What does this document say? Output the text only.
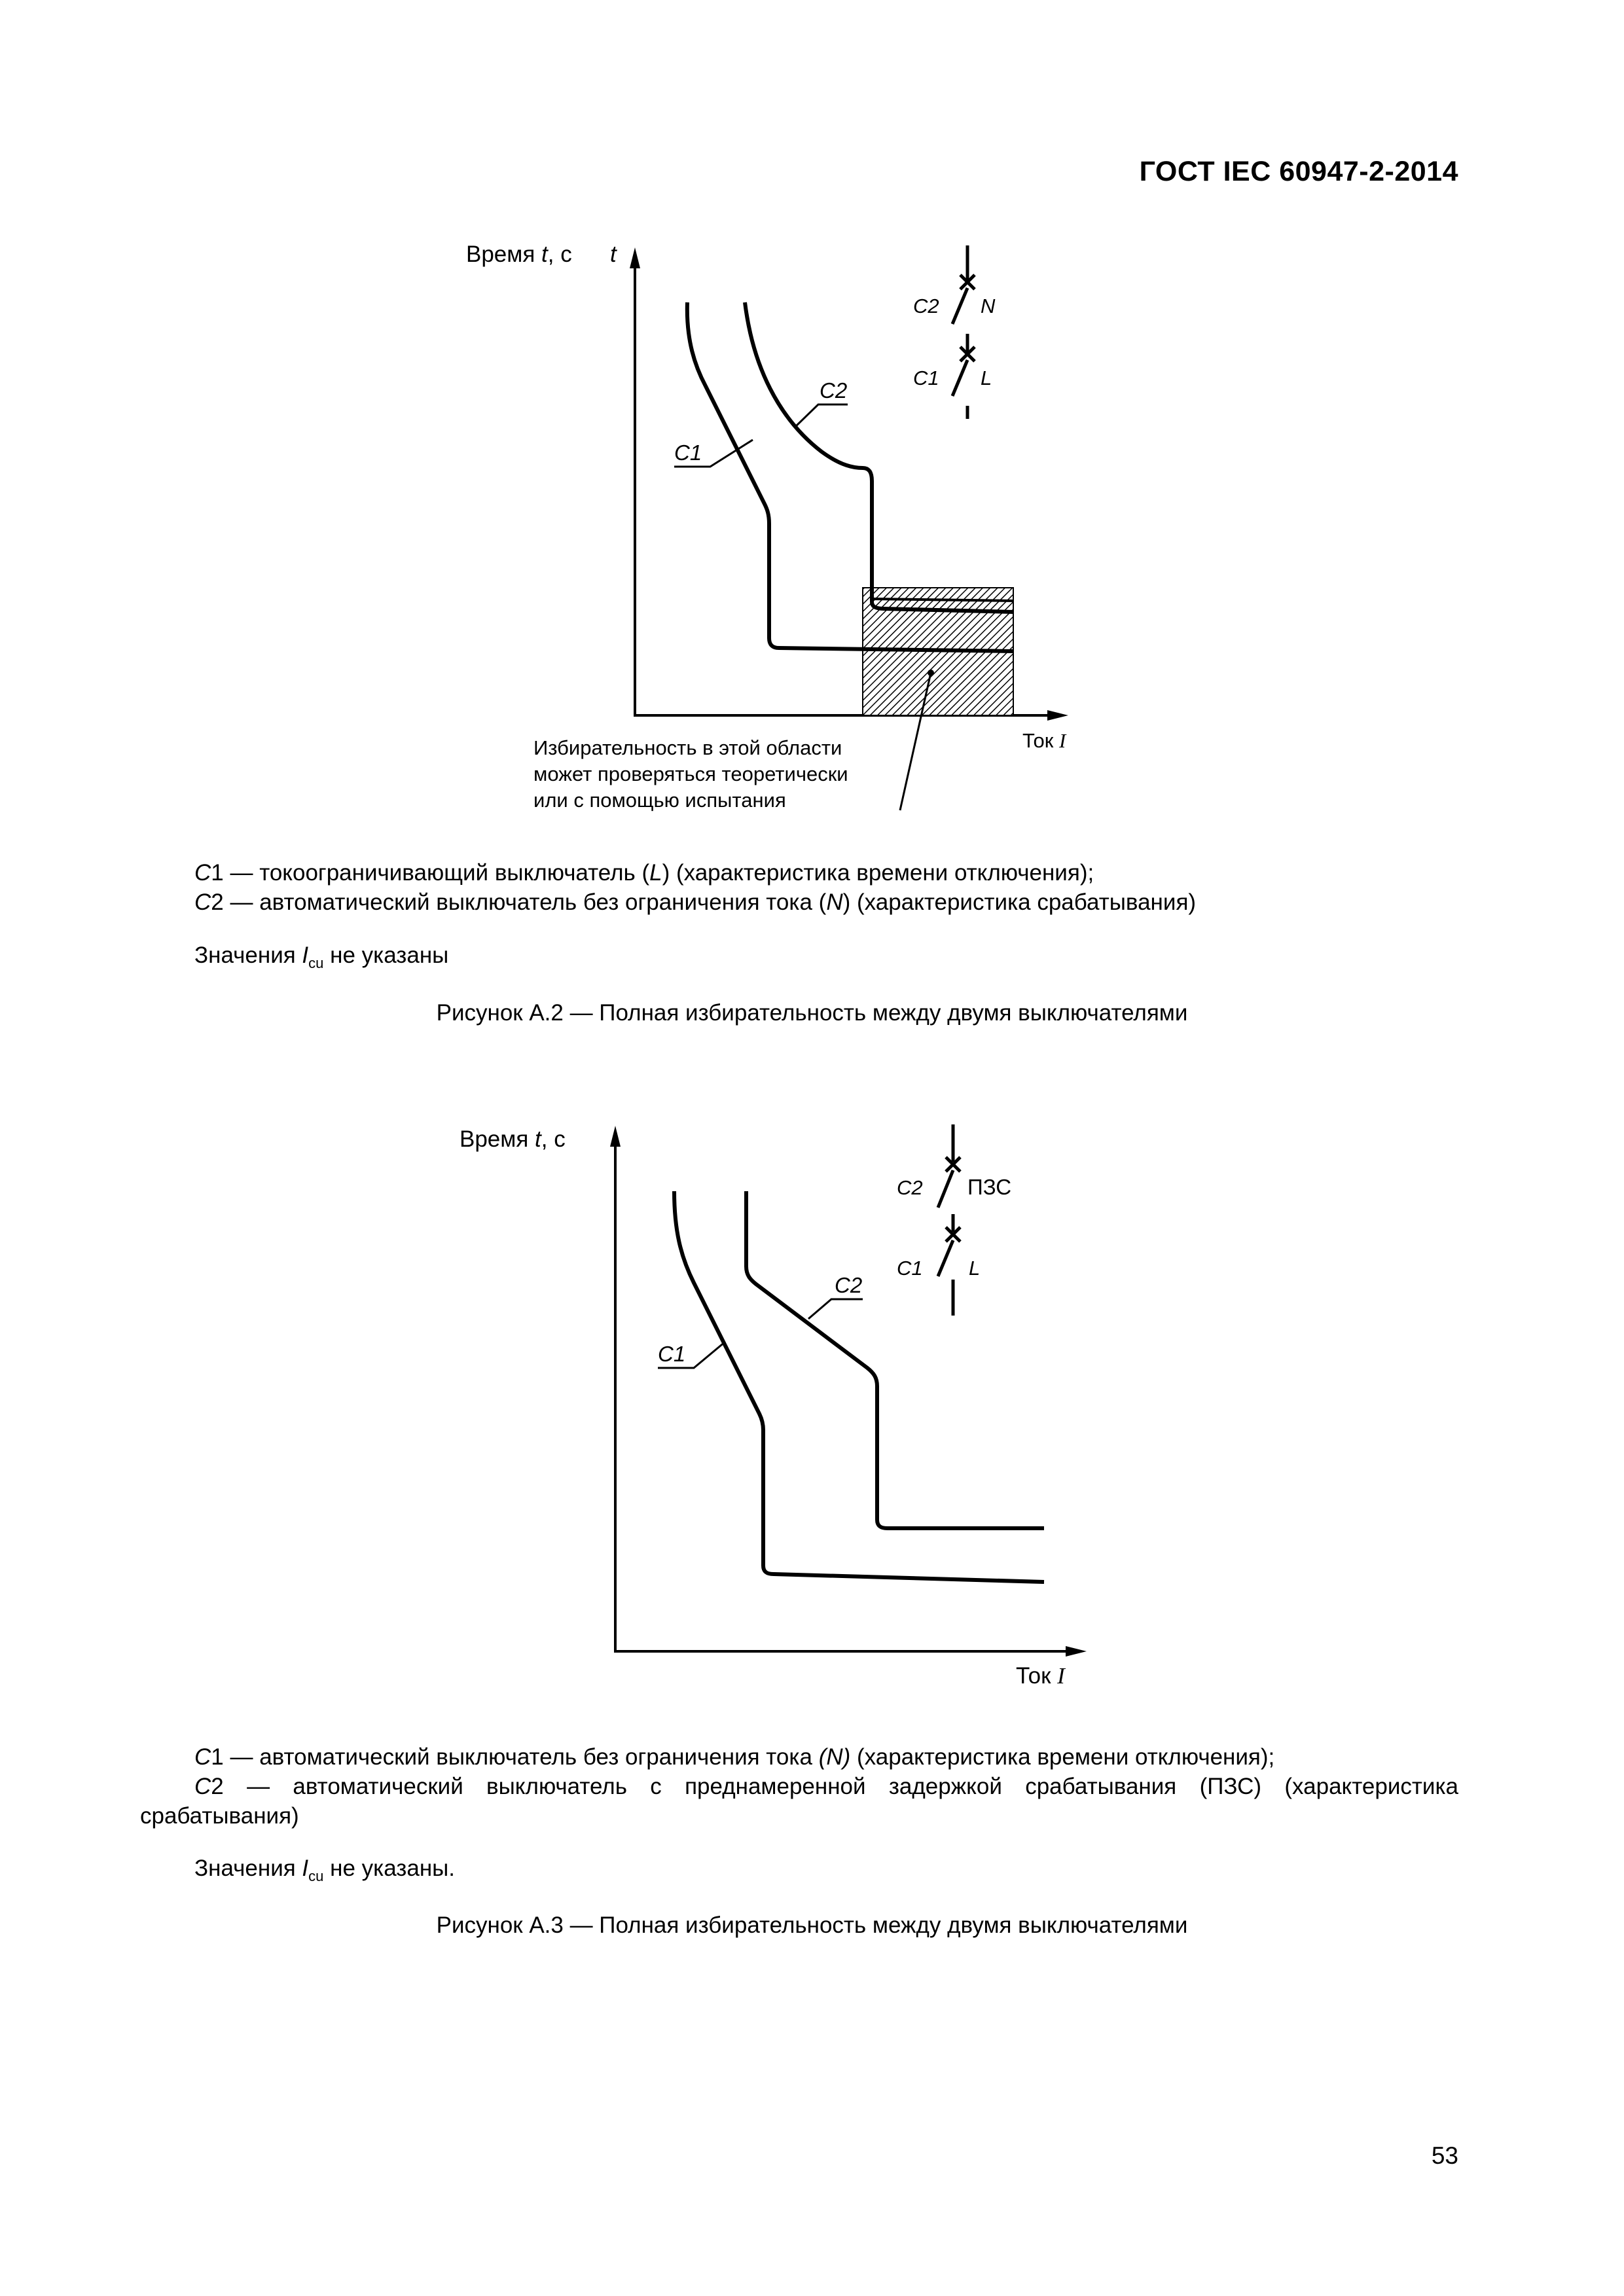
ГОСТ IEC 60947-2-2014
Время t, с t
C1
C2
C2 N
C1 L
Ток I
Избирательность в этой области
может проверяться теоретически
или с помощью испытания
C1 — токоограничивающий выключатель (L) (характеристика времени отключения);
C2 — автоматический выключатель без ограничения тока (N) (характеристика срабатывания)
Значения $I_{cu}$ не указаны
Рисунок А.2 — Полная избирательность между двумя выключателями
Время t, с
C1
C2
C2 ПЗС
C1 L
Ток I
C1 — автоматический выключатель без ограничения тока (N) (характеристика времени отключения);
C2 — автоматический выключатель с преднамеренной задержкой срабатывания (ПЗС) (характеристика
срабатывания)
Значения $I_{cu}$ не указаны.
Рисунок А.3 — Полная избирательность между двумя выключателями
53
